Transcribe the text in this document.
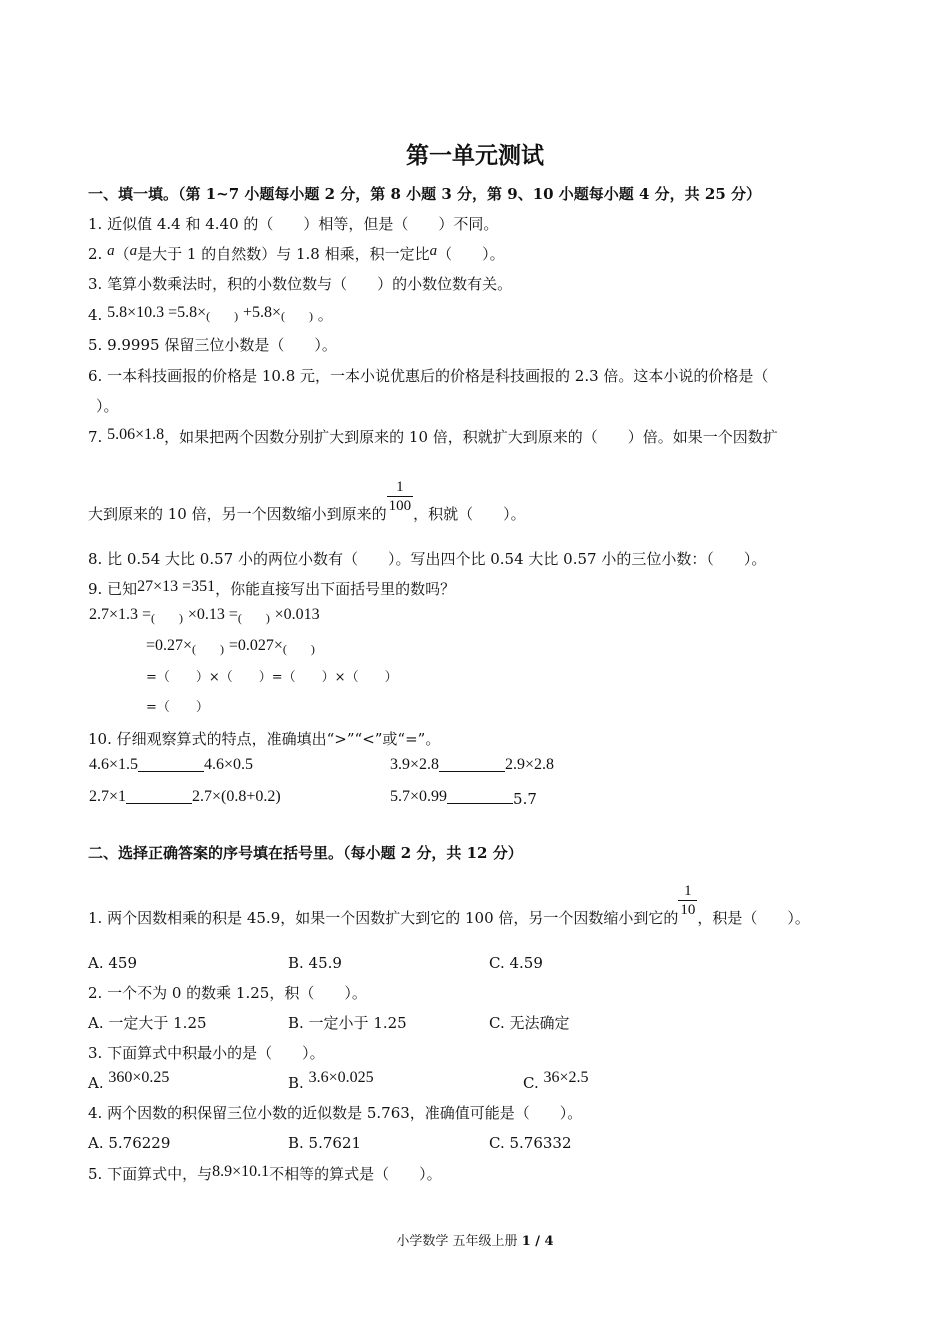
第一单元测试
一、填一填。（第 1~7 小题每小题 2 分，第 8 小题 3 分，第 9、10 小题每小题 4 分，共 25 分）
1. 近似值 4.4 和 4.40 的（　　）相等，但是（　　）不同。
2. a（a是大于 1 的自然数）与 1.8 相乘，积一定比a（　　）。
3. 笔算小数乘法时，积的小数位数与（　　）的小数位数有关。
4. 5.8×10.3 =5.8×(　　) +5.8×(　　) 。
5. 9.9995 保留三位小数是（　　）。
6. 一本科技画报的价格是 10.8 元，一本小说优惠后的价格是科技画报的 2.3 倍。这本小说的价格是（
）。
7. 5.06×1.8，如果把两个因数分别扩大到原来的 10 倍，积就扩大到原来的（　　）倍。如果一个因数扩
大到原来的 10 倍，另一个因数缩小到原来的 $\frac{1}{100}$ ，积就（　　）。
8. 比 0.54 大比 0.57 小的两位小数有（　　）。写出四个比 0.54 大比 0.57 小的三位小数：（　　）。
9. 已知27×13 =351，你能直接写出下面括号里的数吗？
2.7×1.3 =(　　) ×0.13 =(　　) ×0.013
=0.27×(　　) =0.027×(　　)
=（　　）×（　　）=（　　）×（　　）
=（　　）
10. 仔细观察算式的特点，准确填出“>”“<”或“=”。
4.6×1.5	4.6×0.5	3.9×2.8	2.9×2.8
2.7×1	2.7×(0.8+0.2)	5.7×0.99	5.7
二、选择正确答案的序号填在括号里。（每小题 2 分，共 12 分）
1. 两个因数相乘的积是 45.9，如果一个因数扩大到它的 100 倍，另一个因数缩小到它的 $\frac{1}{10}$ ，积是（　　）。
A. 459	B. 45.9	C. 4.59
2. 一个不为 0 的数乘 1.25，积（　　）。
A. 一定大于 1.25	B. 一定小于 1.25	C. 无法确定
3. 下面算式中积最小的是（　　）。
A. 360×0.25	B. 3.6×0.025	C. 36×2.5
4. 两个因数的积保留三位小数的近似数是 5.763，准确值可能是（　　）。
A. 5.76229	B. 5.7621	C. 5.76332
5. 下面算式中，与8.9×10.1不相等的算式是（　　）。
小学数学 五年级上册 1 / 4
